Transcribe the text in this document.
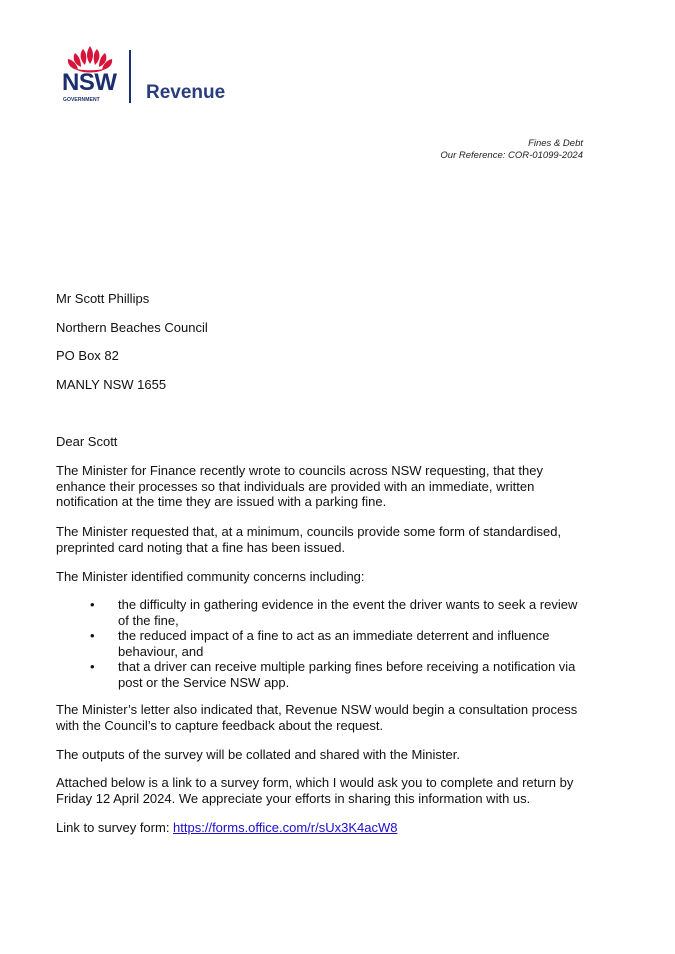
NSW
GOVERNMENT Revenue
Fines & Debt
Our Reference: COR-01099-2024
Mr Scott Phillips
Northern Beaches Council
PO Box 82
MANLY NSW 1655
Dear Scott

The Minister for Finance recently wrote to councils across NSW requesting, that they enhance their processes so that individuals are provided with an immediate, written notification at the time they are issued with a parking fine.

The Minister requested that, at a minimum, councils provide some form of standardised, preprinted card noting that a fine has been issued.

The Minister identified community concerns including:

• the difficulty in gathering evidence in the event the driver wants to seek a review of the fine,
• the reduced impact of a fine to act as an immediate deterrent and influence behaviour, and
• that a driver can receive multiple parking fines before receiving a notification via post or the Service NSW app.

The Minister’s letter also indicated that, Revenue NSW would begin a consultation process with the Council’s to capture feedback about the request.

The outputs of the survey will be collated and shared with the Minister.

Attached below is a link to a survey form, which I would ask you to complete and return by Friday 12 April 2024. We appreciate your efforts in sharing this information with us.

Link to survey form: https://forms.office.com/r/sUx3K4acW8
